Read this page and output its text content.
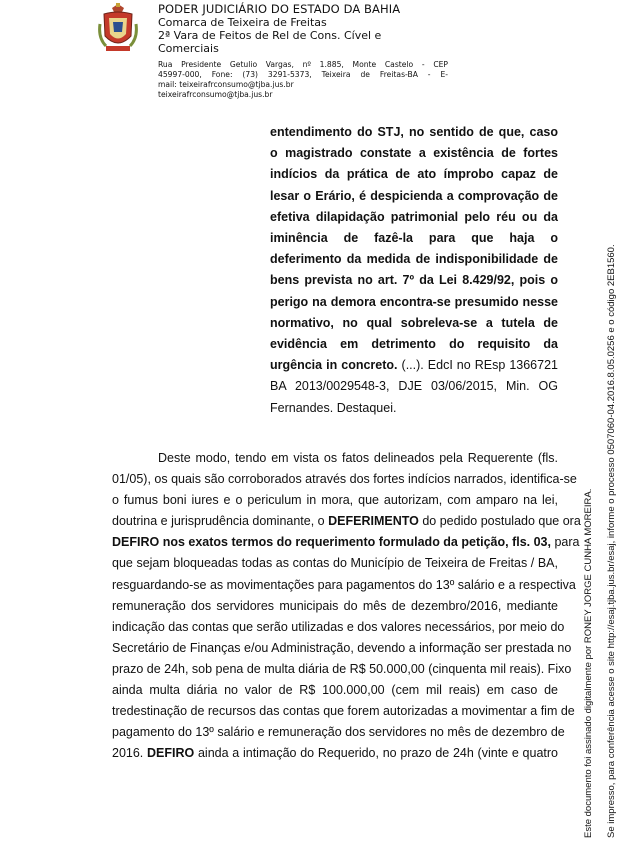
PODER JUDICIÁRIO DO ESTADO DA BAHIA
Comarca de Teixeira de Freitas
2ª Vara de Feitos de Rel de Cons. Cível e
Comerciais
Rua Presidente Getulio Vargas, nº 1.885, Monte Castelo - CEP
45997-000, Fone: (73) 3291-5373, Teixeira de Freitas-BA - E-
mail: teixeirafrconsumo@tjba.jus.br
teixeirafrconsumo@tjba.jus.br
entendimento do STJ, no sentido de que, caso
o magistrado constate a existência de fortes
indícios da prática de ato ímprobo capaz de
lesar o Erário, é despicienda a comprovação de
efetiva dilapidação patrimonial pelo réu ou da
iminência de fazê-la para que haja o
deferimento da medida de indisponibilidade de
bens prevista no art. 7º da Lei 8.429/92, pois o
perigo na demora encontra-se presumido nesse
normativo, no qual sobreleva-se a tutela de
evidência em detrimento do requisito da
urgência in concreto. (...). EdcI no REsp 1366721
BA 2013/0029548-3, DJE 03/06/2015, Min. OG
Fernandes. Destaquei.
Deste modo, tendo em vista os fatos delineados pela Requerente (fls.
01/05), os quais são corroborados através dos fortes indícios narrados, identifica-se
o fumus boni iures e o periculum in mora, que autorizam, com amparo na lei,
doutrina e jurisprudência dominante, o DEFERIMENTO do pedido postulado que ora
DEFIRO nos exatos termos do requerimento formulado da petição, fls. 03, para
que sejam bloqueadas todas as contas do Município de Teixeira de Freitas / BA,
resguardando-se as movimentações para pagamentos do 13º salário e a respectiva
remuneração dos servidores municipais do mês de dezembro/2016, mediante
indicação das contas que serão utilizadas e dos valores necessários, por meio do
Secretário de Finanças e/ou Administração, devendo a informação ser prestada no
prazo de 24h, sob pena de multa diária de R$ 50.000,00 (cinquenta mil reais). Fixo
ainda multa diária no valor de R$ 100.000,00 (cem mil reais) em caso de
tredestinação de recursos das contas que forem autorizadas a movimentar a fim de
pagamento do 13º salário e remuneração dos servidores no mês de dezembro de
2016. DEFIRO ainda a intimação do Requerido, no prazo de 24h (vinte e quatro	Este documento foi assinado digitalmente por RONEY JORGE CUNHA MOREIRA. Se impresso, para conferência acesse o site http://esaj.tjba.jus.br/esaj, informe o processo 0507060-04.2016.8.05.0256 e o código 2EB1560.
